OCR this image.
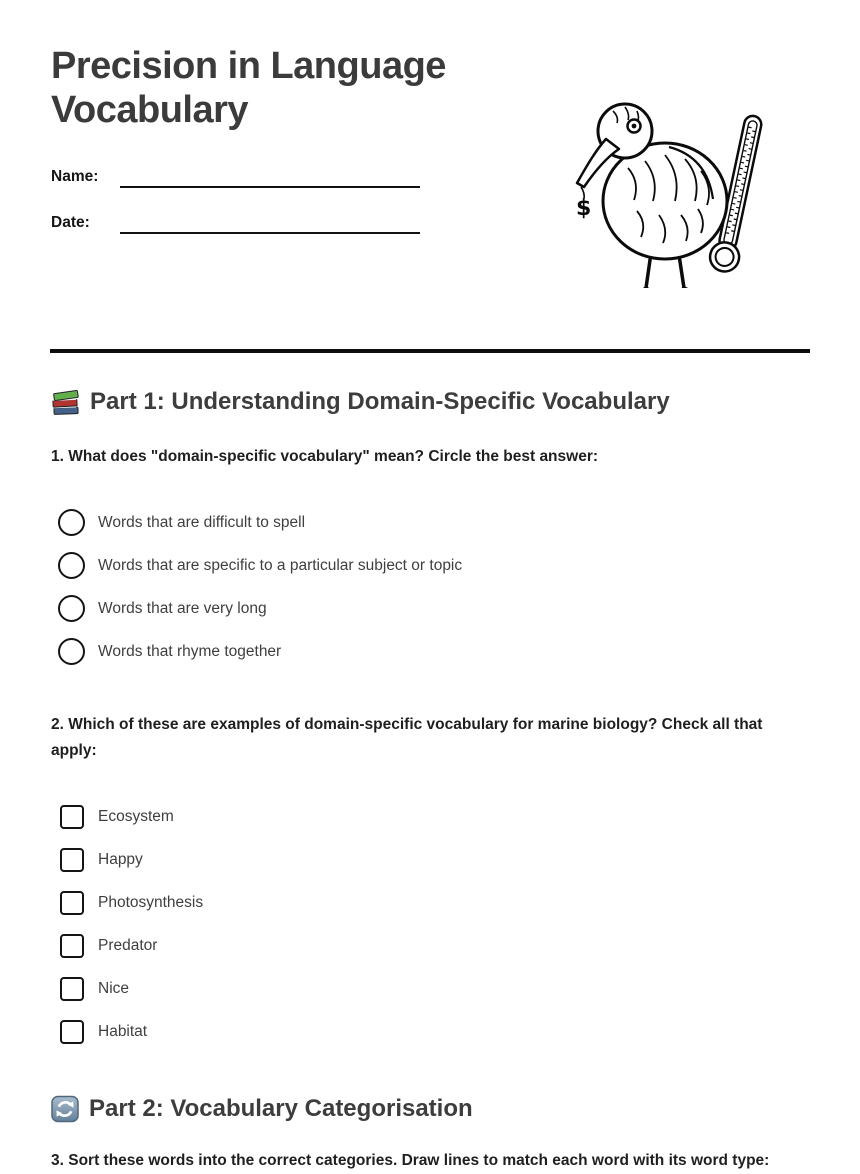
Precision in Language Vocabulary
Name:
Date:
$
Part 1: Understanding Domain-Specific Vocabulary

1. What does "domain-specific vocabulary" mean? Circle the best answer:

Words that are difficult to spell
Words that are specific to a particular subject or topic
Words that are very long
Words that rhyme together

2. Which of these are examples of domain-specific vocabulary for marine biology? Check all that apply:

Ecosystem
Happy
Photosynthesis
Predator
Nice
Habitat
Part 2: Vocabulary Categorisation

3. Sort these words into the correct categories. Draw lines to match each word with its word type:
